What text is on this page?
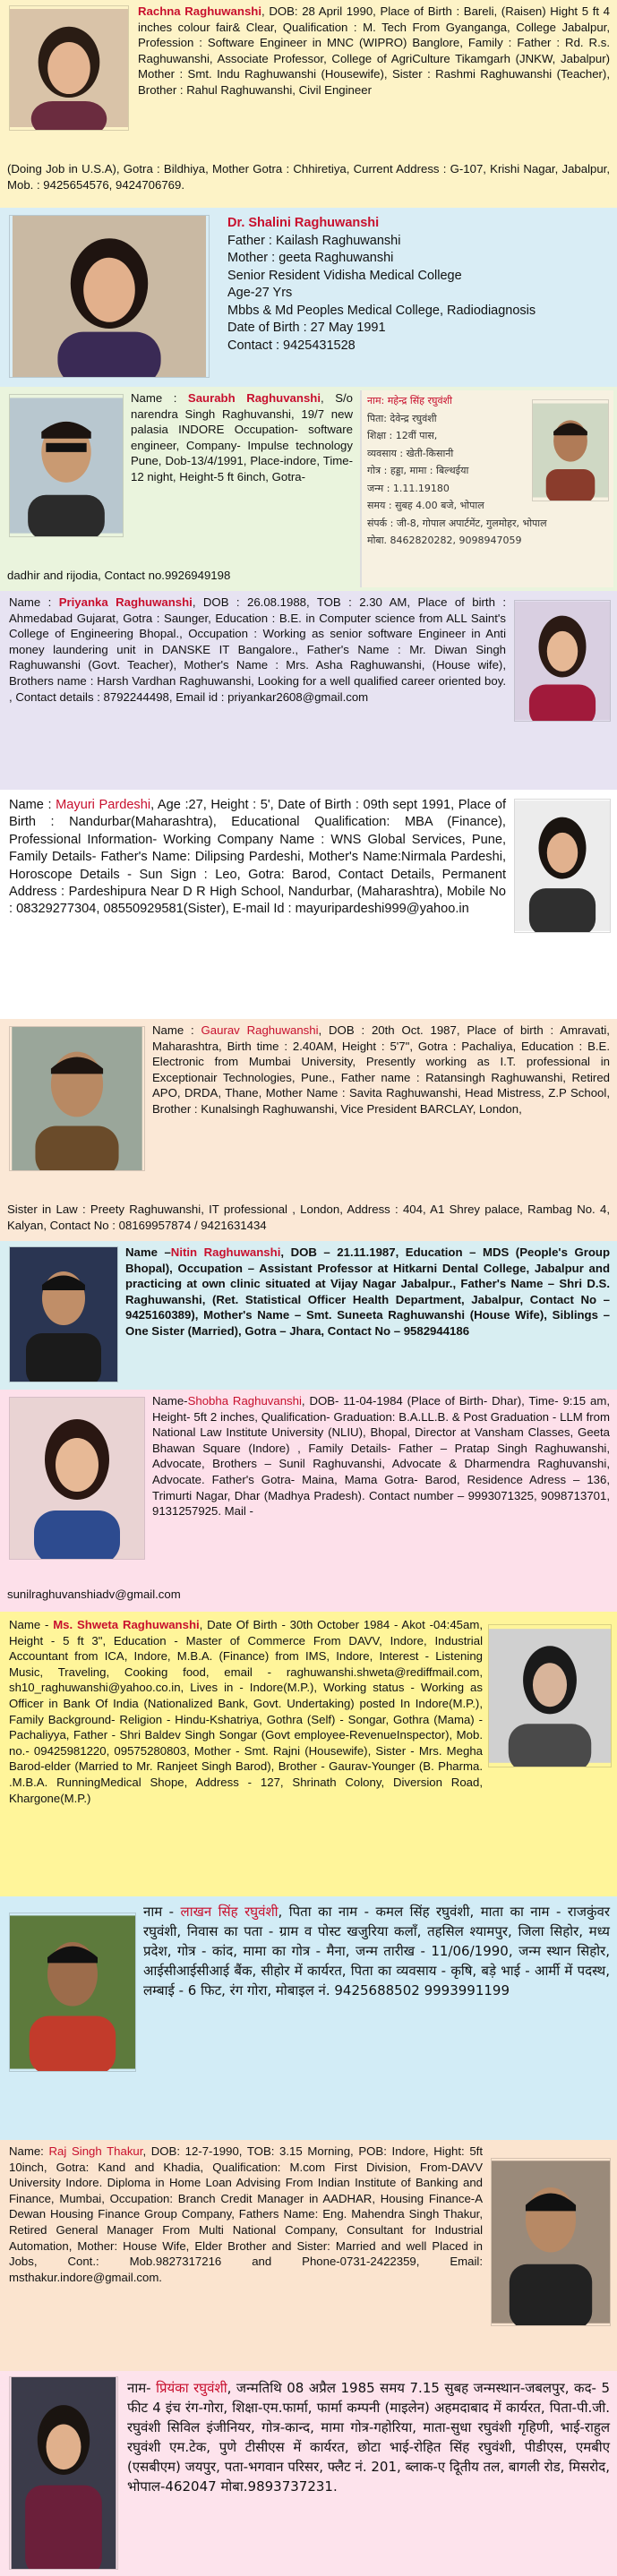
Rachna Raghuwanshi, DOB: 28 April 1990, Place of Birth : Bareli, (Raisen) Hight 5 ft 4 inches colour fair& Clear, Qualification : M. Tech From Gyanganga, College Jabalpur, Profession : Software Engineer in MNC (WIPRO) Banglore, Family : Father : Rd. R.s. Raghuwanshi, Associate Professor, College of AgriCulture Tikamgarh (JNKW, Jabalpur) Mother : Smt. Indu Raghuwanshi (Housewife), Sister : Rashmi Raghuwanshi (Teacher), Brother : Rahul Raghuwanshi, Civil Engineer
(Doing Job in U.S.A), Gotra : Bildhiya, Mother Gotra : Chhiretiya, Current Address : G-107, Krishi Nagar, Jabalpur, Mob. : 9425654576, 9424706769.
Dr. Shalini Raghuwanshi
Father : Kailash Raghuwanshi
Mother : geeta Raghuwanshi
Senior Resident Vidisha Medical College
Age-27 Yrs
Mbbs & Md Peoples Medical College, Radiodiagnosis
Date of Birth : 27 May 1991
Contact : 9425431528
Name : Saurabh Raghuvanshi, S/o narendra Singh Raghuvanshi, 19/7 new palasia INDORE Occupation- software engineer, Company- Impulse technology Pune, Dob-13/4/1991, Place-indore, Time-12 night, Height-5 ft 6inch, Gotra-
dadhir and rijodia, Contact no.9926949198
नाम: महेन्द्र सिंह रघुवंशी
पिता: देवेन्द्र रघुवंशी
शिक्षा : 12वीं पास,
व्यवसाय : खेती-किसानी
गोत्र : हड्डा, मामा : बिल्थईया
जन्म : 1.11.19180
समय : सुबह 4.00 बजे, भोपाल
संपर्क : जी-8, गोपाल अपार्टमेंट, गुलमोहर, भोपाल
मोबा. 8462820282, 9098947059
Name : Priyanka Raghuwanshi, DOB : 26.08.1988, TOB : 2.30 AM, Place of birth : Ahmedabad Gujarat, Gotra : Saunger, Education : B.E. in Computer science from ALL Saint's College of Engineering Bhopal., Occupation : Working as senior software Engineer in Anti money laundering unit in DANSKE IT Bangalore., Father's Name : Mr. Diwan Singh Raghuwanshi (Govt. Teacher), Mother's Name : Mrs. Asha Raghuwanshi, (House wife), Brothers name : Harsh Vardhan Raghuwanshi, Looking for a well qualified career oriented boy. , Contact details : 8792244498, Email id : priyankar2608@gmail.com
Name : Mayuri Pardeshi, Age :27, Height : 5', Date of Birth : 09th sept 1991, Place of Birth : Nandurbar(Maharashtra), Educational Qualification: MBA (Finance), Professional Information- Working Company Name : WNS Global Services, Pune, Family Details- Father's Name: Dilipsing Pardeshi, Mother's Name:Nirmala Pardeshi, Horoscope Details - Sun Sign : Leo, Gotra: Barod, Contact Details, Permanent Address : Pardeshipura Near D R High School, Nandurbar, (Maharashtra), Mobile No : 08329277304, 08550929581(Sister), E-mail Id : mayuripardeshi999@yahoo.in
Name : Gaurav Raghuwanshi, DOB : 20th Oct. 1987, Place of birth : Amravati, Maharashtra, Birth time : 2.40AM, Height : 5'7", Gotra : Pachaliya, Education : B.E. Electronic from Mumbai University, Presently working as I.T. professional in Exceptionair Technologies, Pune., Father name : Ratansingh Raghuwanshi, Retired APO, DRDA, Thane, Mother Name : Savita Raghuwanshi, Head Mistress, Z.P School, Brother : Kunalsingh Raghuwanshi, Vice President BARCLAY, London,
Sister in Law : Preety Raghuwanshi, IT professional , London, Address : 404, A1 Shrey palace, Rambag No. 4, Kalyan, Contact No : 08169957874 / 9421631434
Name –Nitin Raghuwanshi, DOB – 21.11.1987, Education – MDS (People's Group Bhopal), Occupation – Assistant Professor at Hitkarni Dental College, Jabalpur and practicing at own clinic situated at Vijay Nagar Jabalpur., Father's Name – Shri D.S. Raghuwanshi, (Ret. Statistical Officer Health Department, Jabalpur, Contact No – 9425160389), Mother's Name – Smt. Suneeta Raghuwanshi (House Wife), Siblings – One Sister (Married), Gotra – Jhara, Contact No – 9582944186
Name-Shobha Raghuvanshi, DOB- 11-04-1984 (Place of Birth- Dhar), Time- 9:15 am, Height- 5ft 2 inches, Qualification- Graduation: B.A.LL.B. & Post Graduation - LLM from National Law Institute University (NLIU), Bhopal, Director at Vansham Classes, Geeta Bhawan Square (Indore) , Family Details- Father – Pratap Singh Raghuwanshi, Advocate, Brothers – Sunil Raghuvanshi, Advocate & Dharmendra Raghuvanshi, Advocate. Father's Gotra- Maina, Mama Gotra- Barod, Residence Adress – 136, Trimurti Nagar, Dhar (Madhya Pradesh). Contact number – 9993071325, 9098713701, 9131257925. Mail -
sunilraghuvanshiadv@gmail.com
Name - Ms. Shweta Raghuwanshi, Date Of Birth - 30th October 1984 - Akot -04:45am, Height - 5 ft 3", Education - Master of Commerce From DAVV, Indore, Industrial Accountant from ICA, Indore, M.B.A. (Finance) from IMS, Indore, Interest - Listening Music, Traveling, Cooking food, email - raghuwanshi.shweta@rediffmail.com, sh10_raghuwanshi@yahoo.co.in, Lives in - Indore(M.P.), Working status - Working as Officer in Bank Of India (Nationalized Bank, Govt. Undertaking) posted In Indore(M.P.), Family Background- Religion - Hindu-Kshatriya, Gothra (Self) - Songar, Gothra (Mama) - Pachaliyya, Father - Shri Baldev Singh Songar (Govt employee-RevenueInspector), Mob. no.- 09425981220, 09575280803, Mother - Smt. Rajni (Housewife), Sister - Mrs. Megha Barod-elder (Married to Mr. Ranjeet Singh Barod), Brother - Gaurav-Younger (B. Pharma. .M.B.A. RunningMedical Shope, Address - 127, Shrinath Colony, Diversion Road, Khargone(M.P.)
नाम - लाखन सिंह रघुवंशी, पिता का नाम - कमल सिंह रघुवंशी, माता का नाम - राजकुंवर रघुवंशी, निवास का पता - ग्राम व पोस्ट खजुरिया कलाँ, तहसिल श्यामपुर, जिला सिहोर, मध्य प्रदेश, गोत्र - कांद, मामा का गोत्र - मैना, जन्म तारीख - 11/06/1990, जन्म स्थान सिहोर, आईसीआईसीआई बैंक, सीहोर में कार्यरत, पिता का व्यवसाय - कृषि, बड़े भाई - आर्मी में पदस्थ, लम्बाई - 6 फिट, रंग गोरा, मोबाइल नं. 9425688502 9993991199
Name: Raj Singh Thakur, DOB: 12-7-1990, TOB: 3.15 Morning, POB: Indore, Hight: 5ft 10inch, Gotra: Kand and Khadia, Qualification: M.com First Division, From-DAVV University Indore. Diploma in Home Loan Advising From Indian Institute of Banking and Finance, Mumbai, Occupation: Branch Credit Manager in AADHAR, Housing Finance-A Dewan Housing Finance Group Company, Fathers Name: Eng. Mahendra Singh Thakur, Retired General Manager From Multi National Company, Consultant for Industrial Automation, Mother: House Wife, Elder Brother and Sister: Married and well Placed in Jobs, Cont.: Mob.9827317216 and Phone-0731-2422359, Email: msthakur.indore@gmail.com.
नाम- प्रियंका रघुवंशी, जन्मतिथि 08 अप्रैल 1985 समय 7.15 सुबह जन्मस्थान-जबलपुर, कद- 5 फीट 4 इंच रंग-गोरा, शिक्षा-एम.फार्मा, फार्मा कम्पनी (माइलेन) अहमदाबाद में कार्यरत, पिता-पी.जी. रघुवंशी सिविल इंजीनियर, गोत्र-कान्द, मामा गोत्र-गहोरिया, माता-सुधा रघुवंशी गृहिणी, भाई-राहुल रघुवंशी एम.टेक, पुणे टीसीएस में कार्यरत, छोटा भाई-रोहित सिंह रघुवंशी, पीडीएस, एमबीए (एसबीएम) जयपुर, पता-भगवान परिसर, फ्लैट नं. 201, ब्लाक-ए दूितीय तल, बागली रोड, मिसरोद, भोपाल-462047 मोबा.9893737231.
